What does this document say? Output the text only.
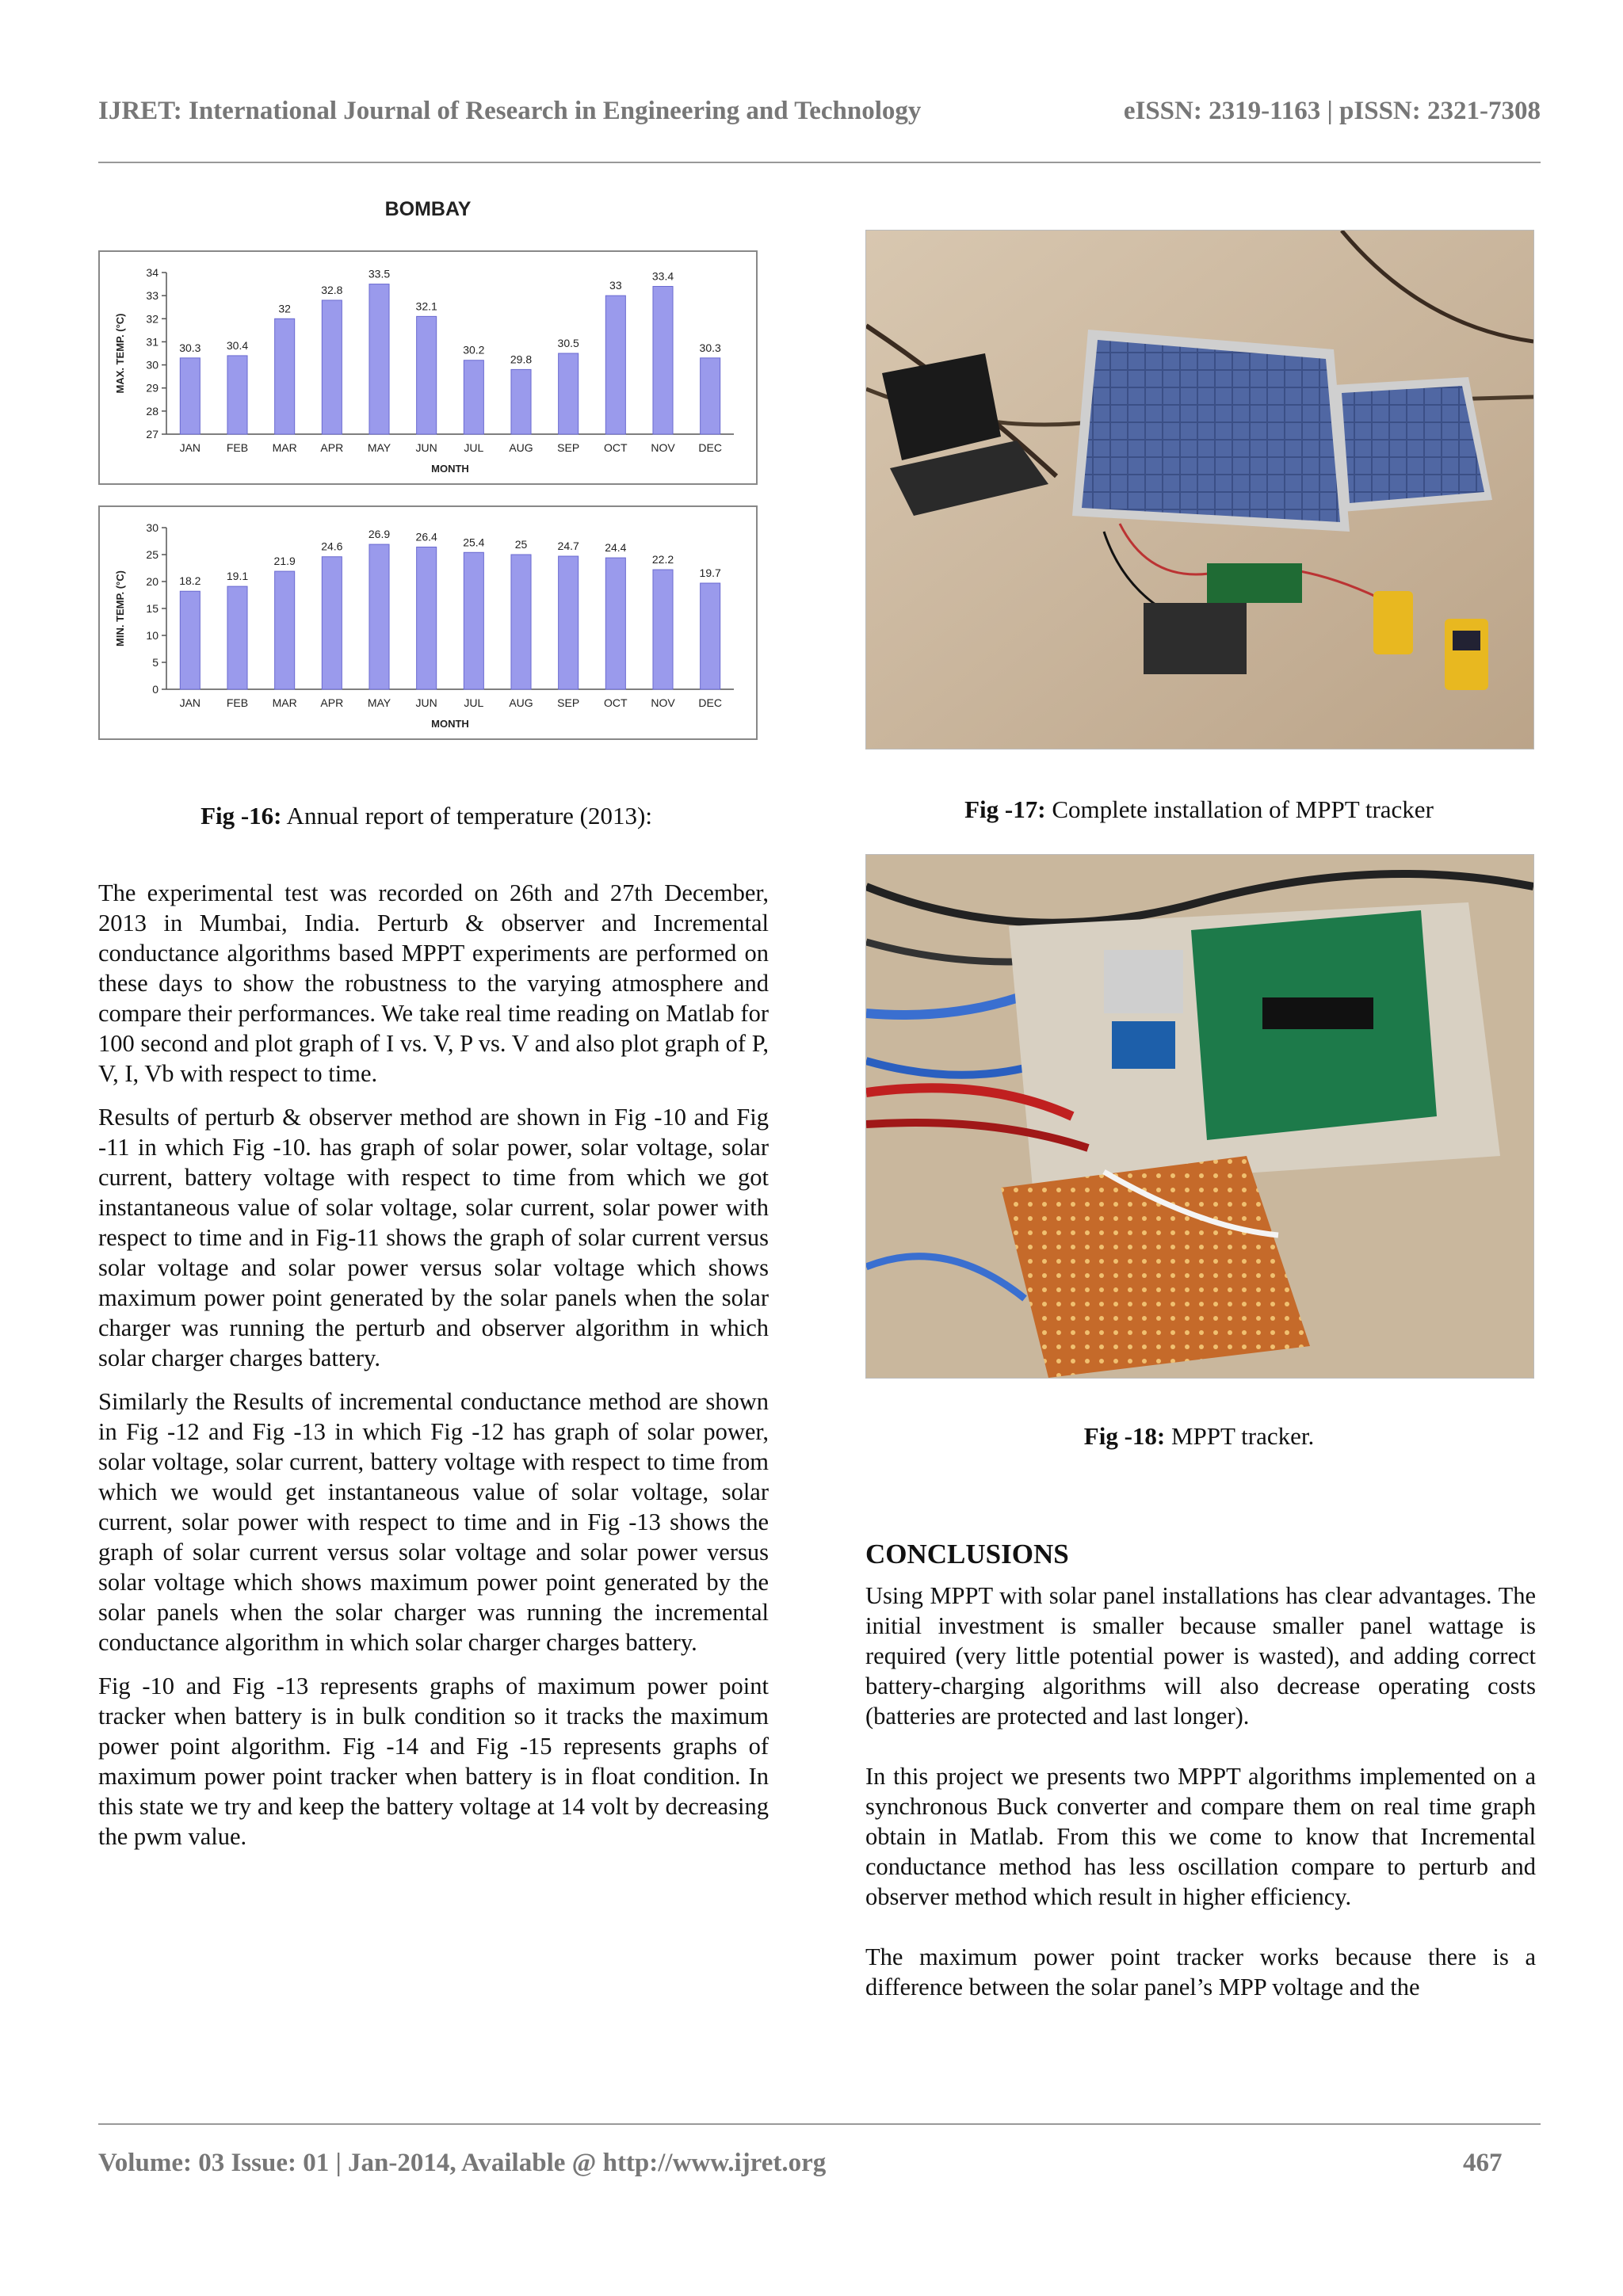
IJRET: International Journal of Research in Engineering and Technology	eISSN: 2319-1163 | pISSN: 2321-7308
BOMBAY
27
28
29
30
31
32
33
34
MAX. TEMP. (°C)	30.3
JAN
30.4
FEB
32
MAR
32.8
APR
33.5
MAY
32.1
JUN
30.2
JUL
29.8
AUG
30.5
SEP
33
OCT
33.4
NOV
30.3
DEC
MONTH
0
5
10
15
20
25
30
MIN. TEMP. (°C)	18.2
JAN
19.1
FEB
21.9
MAR
24.6
APR
26.9
MAY
26.4
JUN
25.4
JUL
25
AUG
24.7
SEP
24.4
OCT
22.2
NOV
19.7
DEC
MONTH
Fig -16: Annual report of temperature (2013):	Fig -17: Complete installation of MPPT tracker
Fig -18: MPPT tracker.

The experimental test was recorded on 26th and 27th December, 2013 in Mumbai, India. Perturb & observer and Incremental conductance algorithms based MPPT experiments are performed on these days to show the robustness to the varying atmosphere and compare their performances. We take real time reading on Matlab for 100 second and plot graph of I vs. V, P vs. V and also plot graph of P, V, I, Vb with respect to time.

Results of perturb & observer method are shown in Fig -10 and Fig -11 in which Fig -10. has graph of solar power, solar voltage, solar current, battery voltage with respect to time from which we got instantaneous value of solar voltage, solar current, solar power with respect to time and in Fig-11 shows the graph of solar current versus solar voltage and solar power versus solar voltage which shows maximum power point generated by the solar panels when the solar charger was running the perturb and observer algorithm in which solar charger charges battery.

Similarly the Results of incremental conductance method are shown in Fig -12 and Fig -13 in which Fig -12 has graph of solar power, solar voltage, solar current, battery voltage with respect to time from which we would get instantaneous value of solar voltage, solar current, solar power with respect to time and in Fig -13 shows the graph of solar current versus solar voltage and solar power versus solar voltage which shows maximum power point generated by the solar panels when the solar charger was running the incremental conductance algorithm in which solar charger charges battery.

Fig -10 and Fig -13 represents graphs of maximum power point tracker when battery is in bulk condition so it tracks the maximum power point algorithm. Fig -14 and Fig -15 represents graphs of maximum power point tracker when battery is in float condition. In this state we try and keep the battery voltage at 14 volt by decreasing the pwm value.

CONCLUSIONS

Using MPPT with solar panel installations has clear advantages. The initial investment is smaller because smaller panel wattage is required (very little potential power is wasted), and adding correct battery-charging algorithms will also decrease operating costs (batteries are protected and last longer).

In this project we presents two MPPT algorithms implemented on a synchronous Buck converter and compare them on real time graph obtain in Matlab. From this we come to know that Incremental conductance method has less oscillation compare to perturb and observer method which result in higher efficiency.

The maximum power point tracker works because there is a difference between the solar panel’s MPP voltage and the

Volume: 03 Issue: 01 | Jan-2014, Available @ http://www.ijret.org	467
